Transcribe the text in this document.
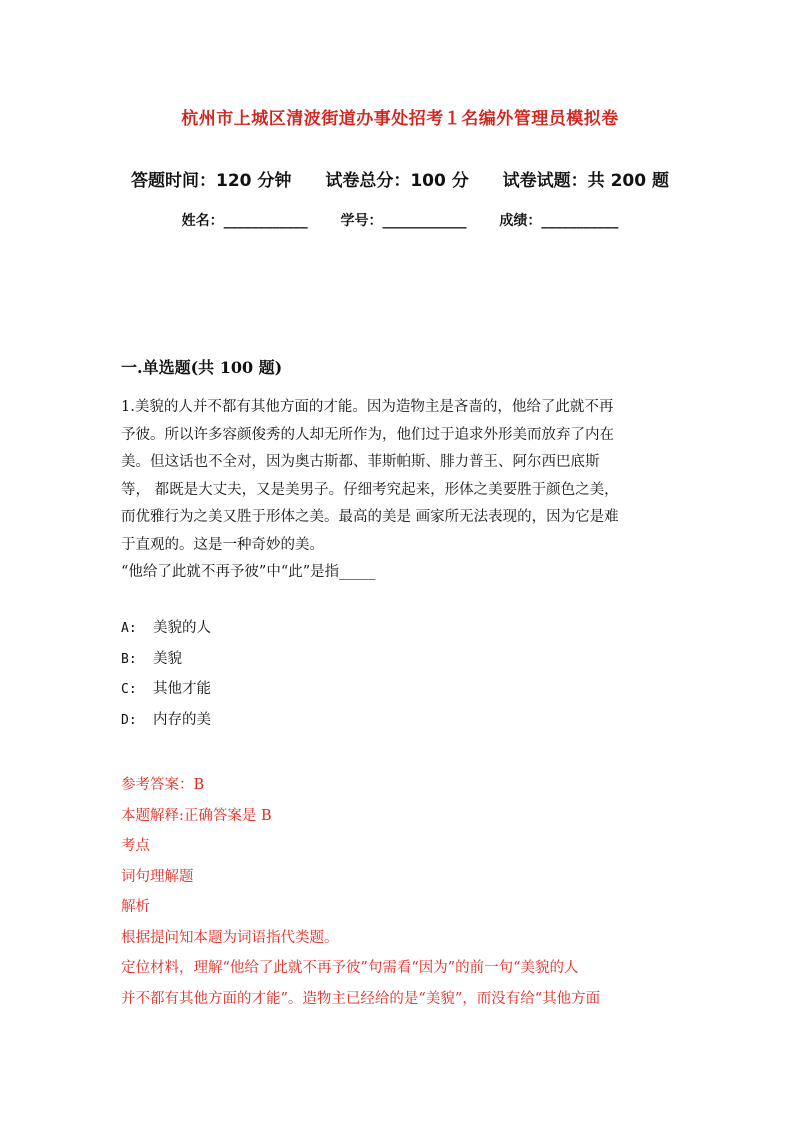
杭州市上城区清波街道办事处招考１名编外管理员模拟卷
答题时间：120 分钟 试卷总分：100 分 试卷试题：共 200 题
姓名：____________ 学号：____________ 成绩：___________
一.单选题(共 100 题)
1.美貌的人并不都有其他方面的才能。因为造物主是吝啬的，他给了此就不再
予彼。所以许多容颜俊秀的人却无所作为，他们过于追求外形美而放弃了内在
美。但这话也不全对，因为奥古斯都、菲斯帕斯、腓力普王、阿尔西巴底斯
等， 都既是大丈夫，又是美男子。仔细考究起来，形体之美要胜于颜色之美，
而优雅行为之美又胜于形体之美。最高的美是 画家所无法表现的，因为它是难
于直观的。这是一种奇妙的美。
“他给了此就不再予彼”中“此”是指_____
A: 美貌的人
B: 美貌
C: 其他才能
D: 内存的美
参考答案：B
本题解释:正确答案是 B
考点
词句理解题
解析
根据提问知本题为词语指代类题。
定位材料，理解“他给了此就不再予彼”句需看“因为”的前一句“美貌的人
并不都有其他方面的才能”。造物主已经给的是“美貌”，而没有给“其他方面
